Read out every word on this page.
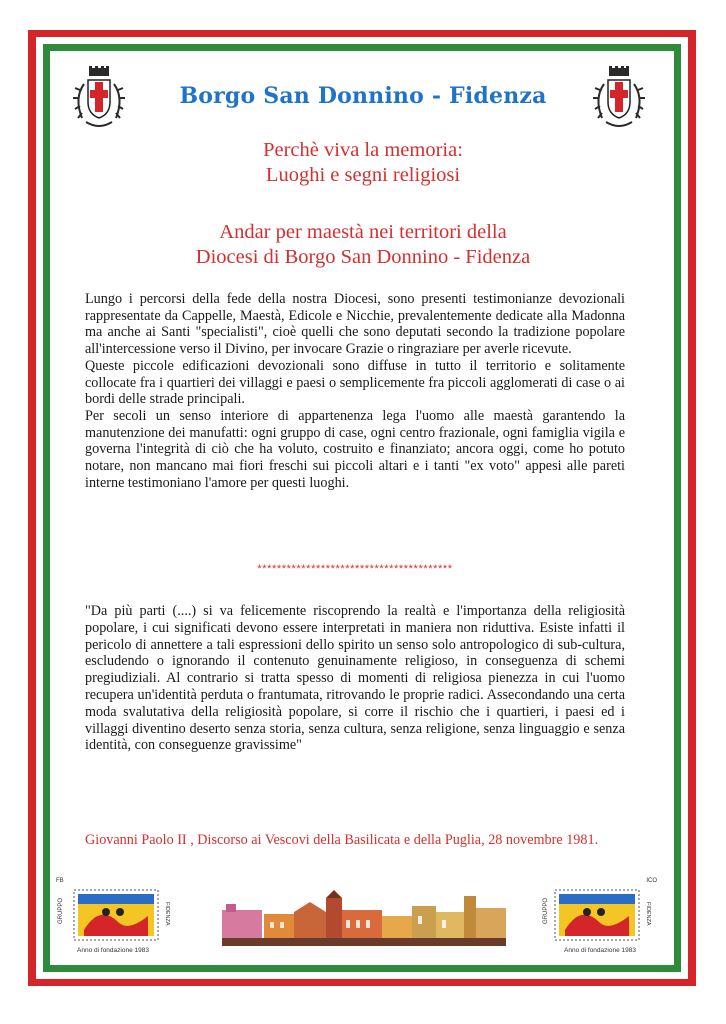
Borgo San Donnino - Fidenza
Perchè viva la memoria:
Luoghi e segni religiosi
Andar per maestà nei territori della
Diocesi di Borgo San Donnino - Fidenza

Lungo i percorsi della fede della nostra Diocesi, sono presenti testimonianze devozionali rappresentate da Cappelle, Maestà, Edicole e Nicchie, prevalentemente dedicate alla Madonna ma anche ai Santi "specialisti", cioè quelli che sono deputati secondo la tradizione popolare all'intercessione verso il Divino, per invocare Grazie o ringraziare per averle ricevute.

Queste piccole edificazioni devozionali sono diffuse in tutto il territorio e solitamente collocate fra i quartieri dei villaggi e paesi o semplicemente fra piccoli agglomerati di case o ai bordi delle strade principali.

Per secoli un senso interiore di appartenenza lega l'uomo alle maestà garantendo la manutenzione dei manufatti: ogni gruppo di case, ogni centro frazionale, ogni famiglia vigila e governa l'integrità di ciò che ha voluto, costruito e finanziato; ancora oggi, come ho potuto notare, non mancano mai fiori freschi sui piccoli altari e i tanti "ex voto" appesi alle pareti interne testimoniano l'amore per questi luoghi.

****************************************
"Da più parti (....) si va felicemente riscoprendo la realtà e l'importanza della religiosità popolare, i cui significati devono essere interpretati in maniera non riduttiva. Esiste infatti il pericolo di annettere a tali espressioni dello spirito un senso solo antropologico di sub-cultura, escludendo o ignorando il contenuto genuinamente religioso, in conseguenza di schemi pregiudiziali. Al contrario si tratta spesso di momenti di religiosa pienezza in cui l'uomo recupera un'identità perduta o frantumata, ritrovando le proprie radici. Assecondando una certa moda svalutativa della religiosità popolare, si corre il rischio che i quartieri, i paesi ed i villaggi diventino deserto senza storia, senza cultura, senza religione, senza linguaggio e senza identità, con conseguenze gravissime"
Giovanni Paolo II , Discorso ai Vescovi della Basilicata e della Puglia, 28 novembre 1981.
FB
GRUPPO	FIDENZA
Anno di fondazione 1983
ICO
GRUPPO	FIDENZA
Anno di fondazione 1983
